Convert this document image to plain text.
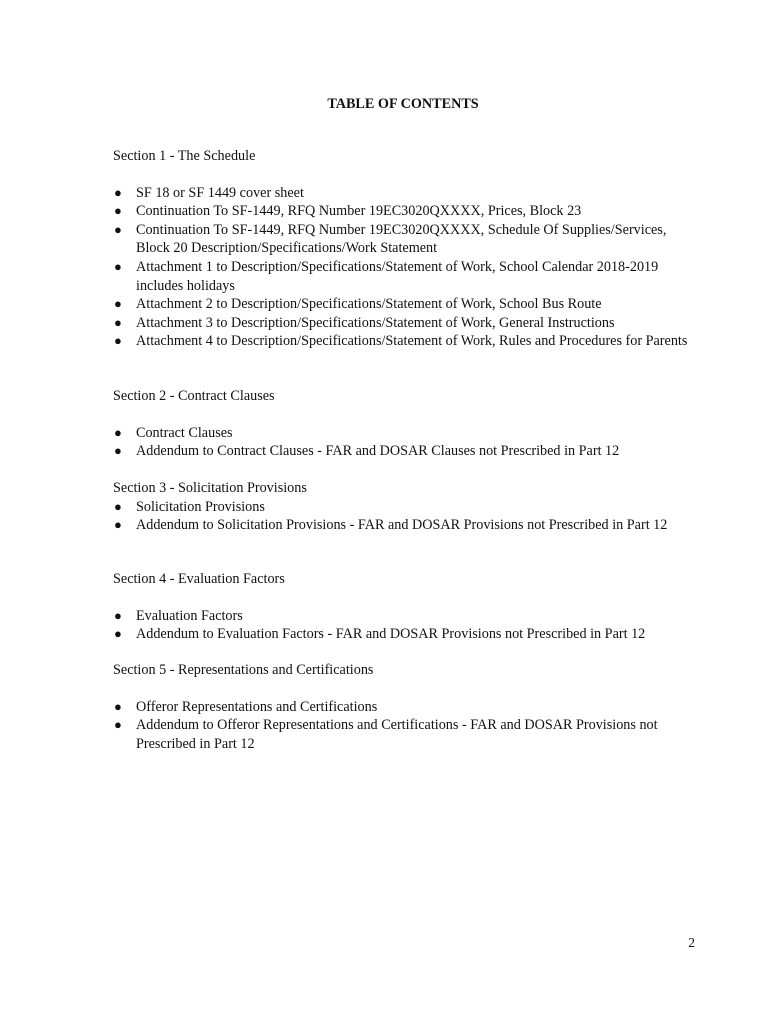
TABLE OF CONTENTS

Section 1 - The Schedule

● SF 18 or SF 1449 cover sheet
● Continuation To SF-1449, RFQ Number 19EC3020QXXXX, Prices, Block 23
● Continuation To SF-1449, RFQ Number 19EC3020QXXXX, Schedule Of Supplies/Services, Block 20 Description/Specifications/Work Statement
● Attachment 1 to Description/Specifications/Statement of Work, School Calendar 2018-2019 includes holidays
● Attachment 2 to Description/Specifications/Statement of Work, School Bus Route
● Attachment 3 to Description/Specifications/Statement of Work, General Instructions
● Attachment 4 to Description/Specifications/Statement of Work, Rules and Procedures for Parents

Section 2 - Contract Clauses

● Contract Clauses
● Addendum to Contract Clauses - FAR and DOSAR Clauses not Prescribed in Part 12

Section 3 - Solicitation Provisions

● Solicitation Provisions
● Addendum to Solicitation Provisions - FAR and DOSAR Provisions not Prescribed in Part 12

Section 4 - Evaluation Factors

● Evaluation Factors
● Addendum to Evaluation Factors - FAR and DOSAR Provisions not Prescribed in Part 12

Section 5 - Representations and Certifications

● Offeror Representations and Certifications
● Addendum to Offeror Representations and Certifications - FAR and DOSAR Provisions not Prescribed in Part 12
2
